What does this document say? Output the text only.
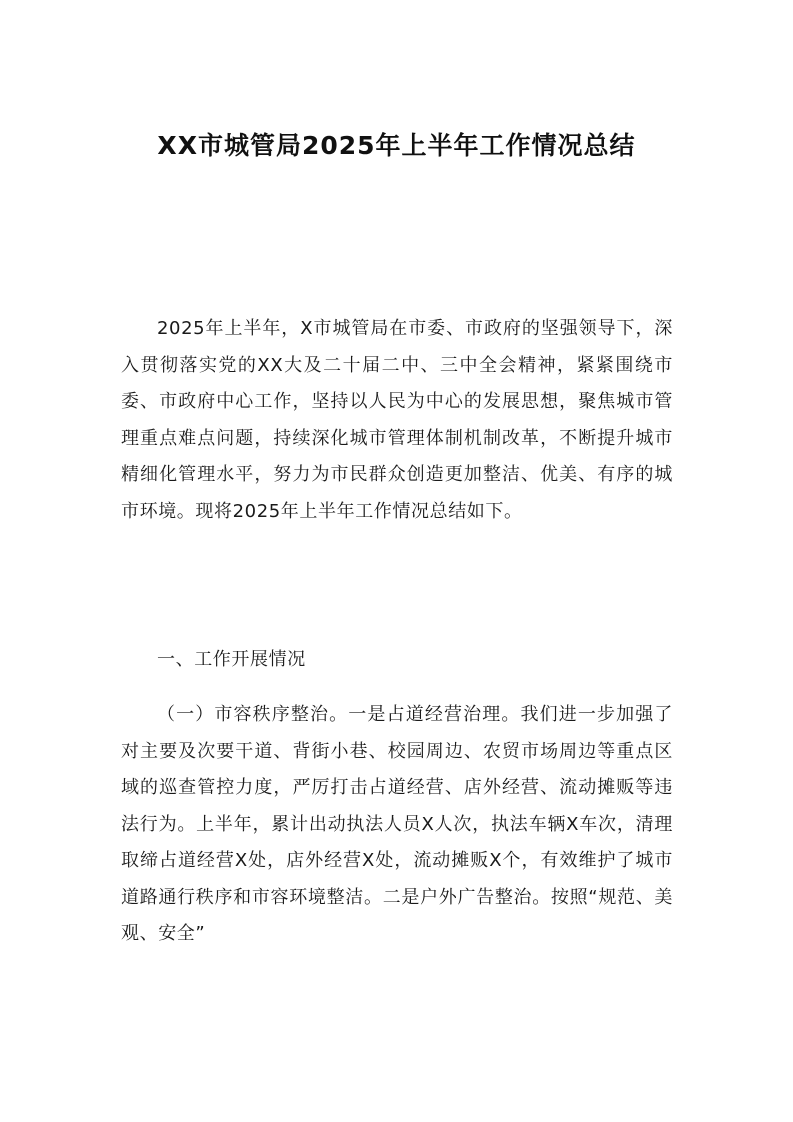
XX市城管局2025年上半年工作情况总结

2025年上半年，X市城管局在市委、市政府的坚强领导下，深入贯彻落实党的XX大及二十届二中、三中全会精神，紧紧围绕市委、市政府中心工作，坚持以人民为中心的发展思想，聚焦城市管理重点难点问题，持续深化城市管理体制机制改革，不断提升城市精细化管理水平，努力为市民群众创造更加整洁、优美、有序的城市环境。现将2025年上半年工作情况总结如下。

一、工作开展情况

（一）市容秩序整治。一是占道经营治理。我们进一步加强了对主要及次要干道、背街小巷、校园周边、农贸市场周边等重点区域的巡查管控力度，严厉打击占道经营、店外经营、流动摊贩等违法行为。上半年，累计出动执法人员X人次，执法车辆X车次，清理取缔占道经营X处，店外经营X处，流动摊贩X个，有效维护了城市道路通行秩序和市容环境整洁。二是户外广告整治。按照“规范、美观、安全”
